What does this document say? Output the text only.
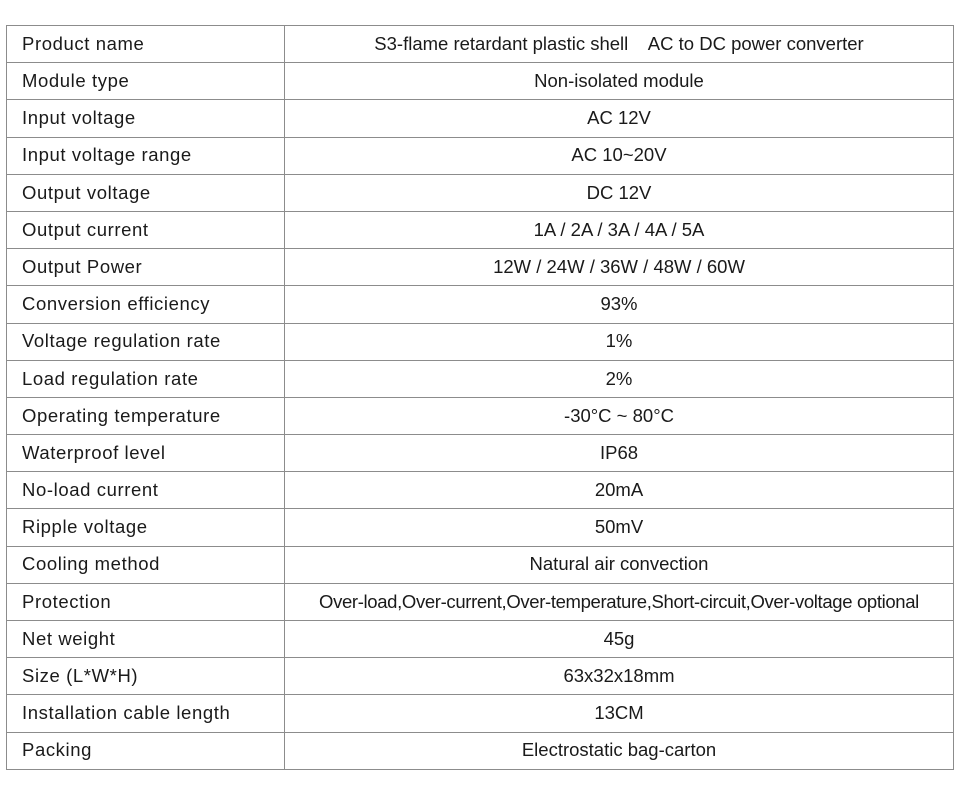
Product name	S3-flame retardant plastic shell    AC to DC power converter
Module type	Non-isolated module
Input voltage	AC 12V
Input voltage range	AC 10~20V
Output voltage	DC 12V
Output current	1A / 2A / 3A / 4A / 5A
Output Power	12W / 24W / 36W / 48W / 60W
Conversion efficiency	93%
Voltage regulation rate	1%
Load regulation rate	2%
Operating temperature	-30°C ~ 80°C
Waterproof level	IP68
No-load current	20mA
Ripple voltage	50mV
Cooling method	Natural air convection
Protection	Over-load,Over-current,Over-temperature,Short-circuit,Over-voltage optional
Net weight	45g
Size (L*W*H)	63x32x18mm
Installation cable length	13CM
Packing	Electrostatic bag-carton
